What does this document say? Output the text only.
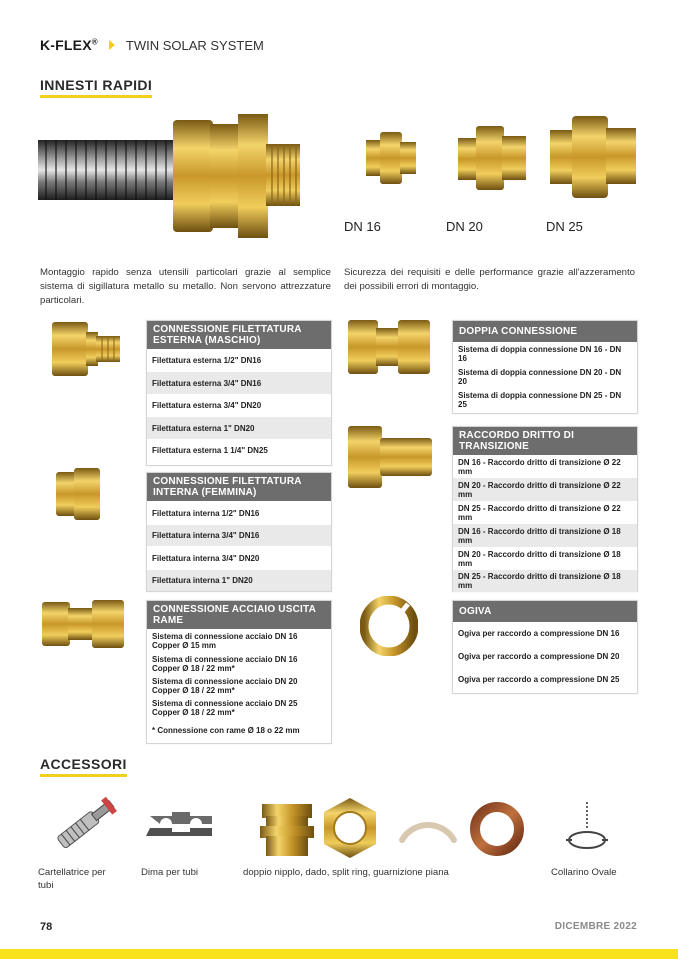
K-FLEX® TWIN SOLAR SYSTEM
INNESTI RAPIDI
DN 16	DN 20	DN 25
Montaggio rapido senza utensili particolari grazie al semplice sistema di sigillatura metallo su metallo. Non servono attrezzature particolari.
Sicurezza dei requisiti e delle performance grazie all'azzeramento dei possibili errori di montaggio.
CONNESSIONE FILETTATURA ESTERNA (MASCHIO)
Filettatura esterna 1/2" DN16
Filettatura esterna 3/4" DN16
Filettatura esterna 3/4" DN20
Filettatura esterna 1" DN20
Filettatura esterna 1 1/4" DN25
CONNESSIONE FILETTATURA INTERNA (FEMMINA)
Filettatura interna 1/2" DN16
Filettatura interna 3/4" DN16
Filettatura interna 3/4" DN20
Filettatura interna 1" DN20
CONNESSIONE ACCIAIO USCITA RAME
Sistema di connessione acciaio DN 16 Copper Ø 15 mm
Sistema di connessione acciaio DN 16 Copper Ø 18 / 22 mm*
Sistema di connessione acciaio DN 20 Copper Ø 18 / 22 mm*
Sistema di connessione acciaio DN 25 Copper Ø 18 / 22 mm*
* Connessione con rame Ø 18 o 22 mm
DOPPIA CONNESSIONE
Sistema di doppia connessione DN 16 - DN 16
Sistema di doppia connessione DN 20 - DN 20
Sistema di doppia connessione DN 25 - DN 25
RACCORDO DRITTO DI TRANSIZIONE
DN 16 - Raccordo dritto di transizione Ø 22 mm
DN 20 - Raccordo dritto di transizione Ø 22 mm
DN 25 - Raccordo dritto di transizione Ø 22 mm
DN 16 - Raccordo dritto di transizione Ø 18 mm
DN 20 - Raccordo dritto di transizione Ø 18 mm
DN 25 - Raccordo dritto di transizione Ø 18 mm
OGIVA
Ogiva per raccordo a compressione DN 16
Ogiva per raccordo a compressione DN 20
Ogiva per raccordo a compressione DN 25
ACCESSORI
Cartellatrice per tubi
Dima per tubi	doppio nipplo, dado, split ring, guarnizione piana	Collarino Ovale
78	DICEMBRE 2022
